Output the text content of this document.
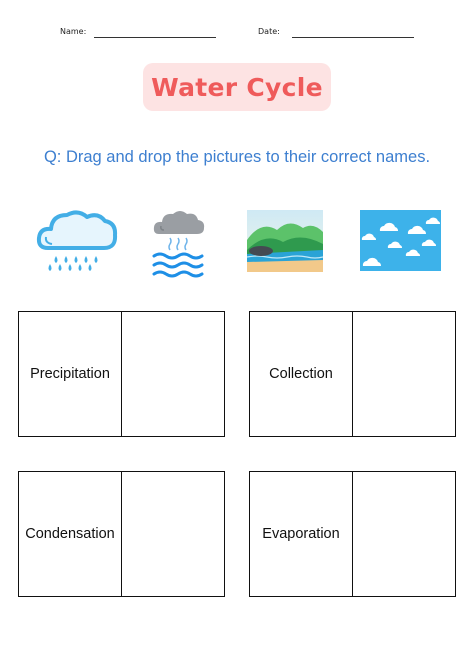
Name:	Date:
Water Cycle
Q: Drag and drop the pictures to their correct names.
Precipitation	Collection
Condensation	Evaporation
